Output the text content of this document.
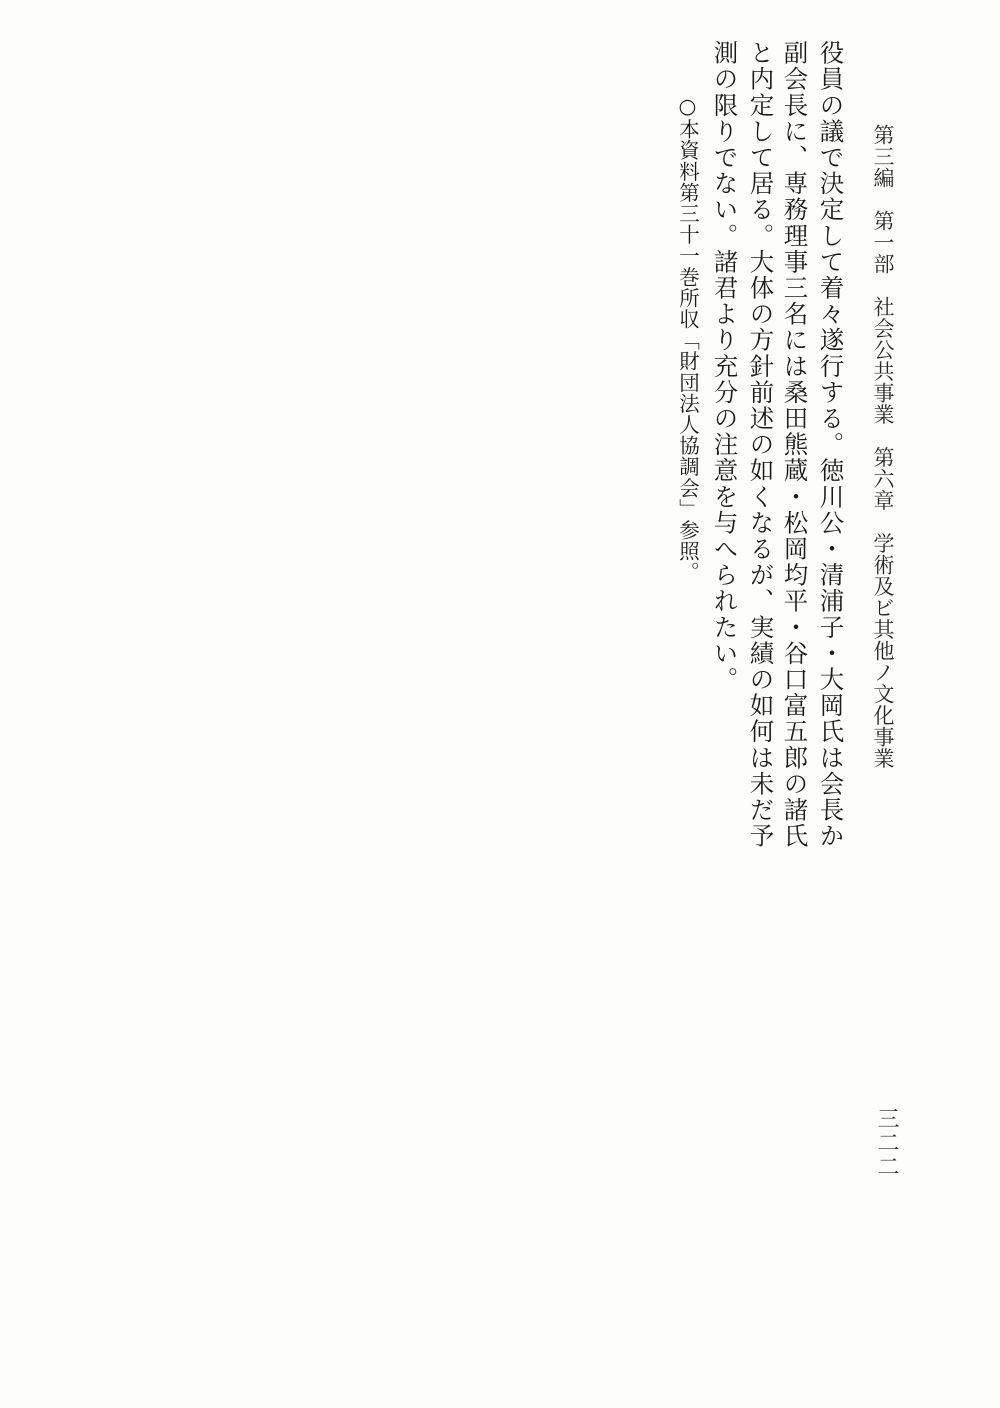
第三編　第一部　社会公共事業　第六章　学術及ビ其他ノ文化事業

役員の議で決定して着々遂行する。徳川公・清浦子・大岡氏は会長か

副会長に、専務理事三名には桑田熊蔵・松岡均平・谷口富五郎の諸氏

と内定して居る。大体の方針前述の如くなるが、実績の如何は未だ予

測の限りでない。諸君より充分の注意を与へられたい。

○本資料第三十一巻所収「財団法人協調会」参照。

三二二
